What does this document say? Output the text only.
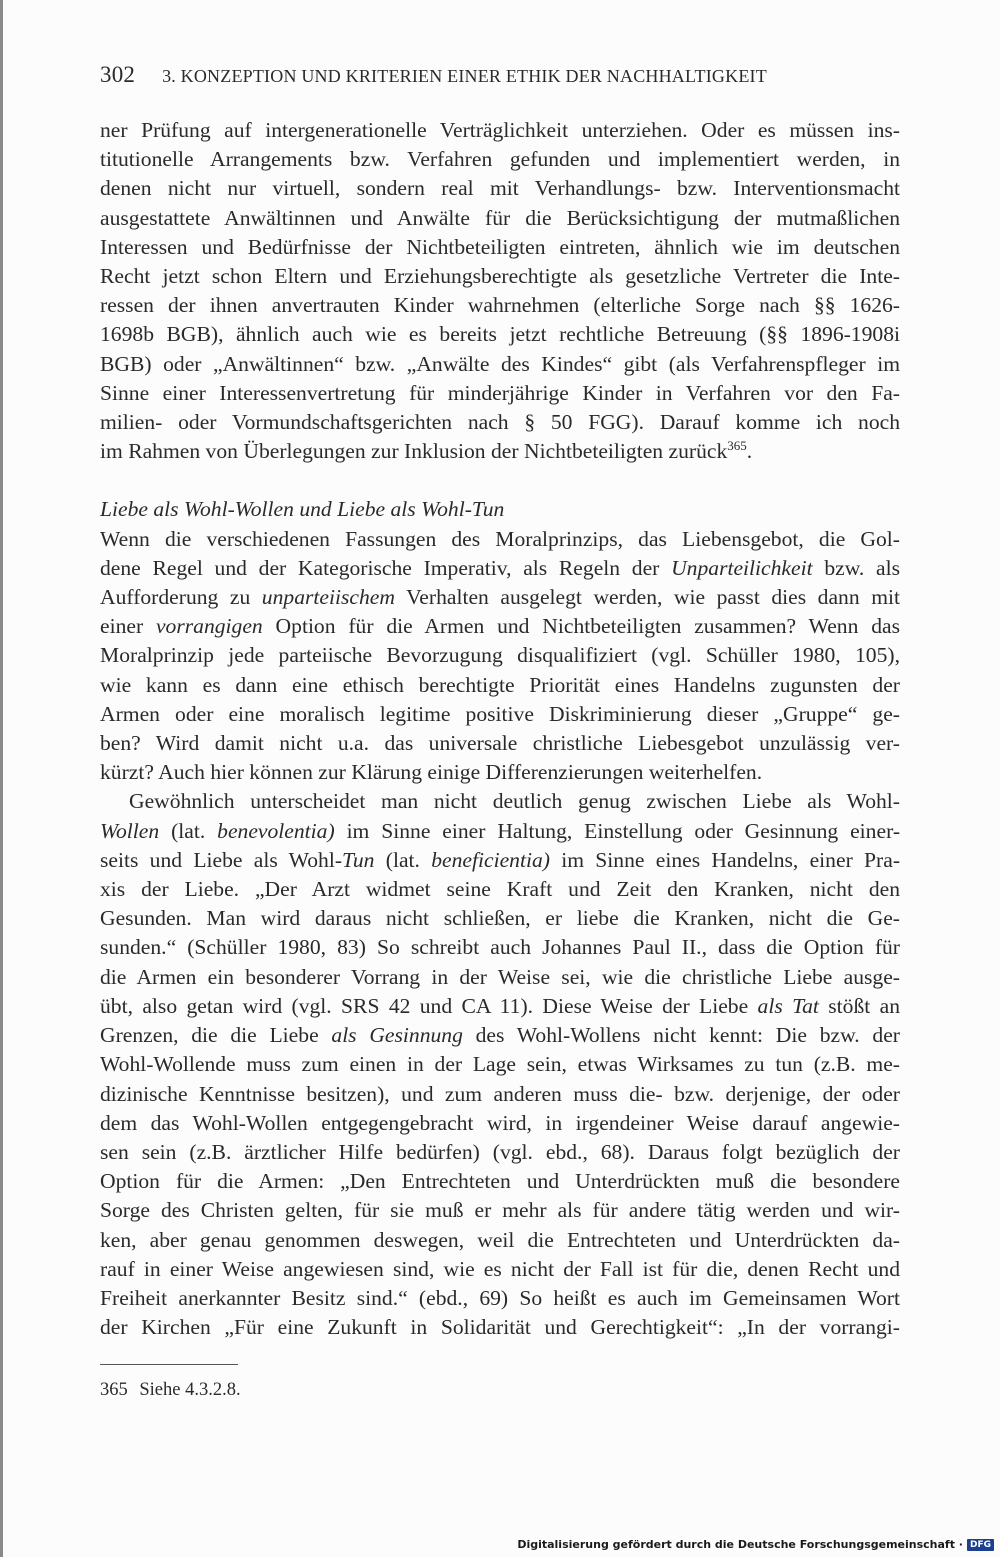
302 3. KONZEPTION UND KRITERIEN EINER ETHIK DER NACHHALTIGKEIT

ner Prüfung auf intergenerationelle Verträglichkeit unterziehen. Oder es müssen ins-
titutionelle Arrangements bzw. Verfahren gefunden und implementiert werden, in
denen nicht nur virtuell, sondern real mit Verhandlungs- bzw. Interventionsmacht
ausgestattete Anwältinnen und Anwälte für die Berücksichtigung der mutmaßlichen
Interessen und Bedürfnisse der Nichtbeteiligten eintreten, ähnlich wie im deutschen
Recht jetzt schon Eltern und Erziehungsberechtigte als gesetzliche Vertreter die Inte-
ressen der ihnen anvertrauten Kinder wahrnehmen (elterliche Sorge nach §§ 1626-
1698b BGB), ähnlich auch wie es bereits jetzt rechtliche Betreuung (§§ 1896-1908i
BGB) oder „Anwältinnen“ bzw. „Anwälte des Kindes“ gibt (als Verfahrenspfleger im
Sinne einer Interessenvertretung für minderjährige Kinder in Verfahren vor den Fa-
milien- oder Vormundschaftsgerichten nach § 50 FGG). Darauf komme ich noch
im Rahmen von Überlegungen zur Inklusion der Nichtbeteiligten zurück$^{365}$.

Liebe als Wohl-Wollen und Liebe als Wohl-Tun

Wenn die verschiedenen Fassungen des Moralprinzips, das Liebensgebot, die Gol-
dene Regel und der Kategorische Imperativ, als Regeln der Unparteilichkeit bzw. als
Aufforderung zu unparteiischem Verhalten ausgelegt werden, wie passt dies dann mit
einer vorrangigen Option für die Armen und Nichtbeteiligten zusammen? Wenn das
Moralprinzip jede parteiische Bevorzugung disqualifiziert (vgl. Schüller 1980, 105),
wie kann es dann eine ethisch berechtigte Priorität eines Handelns zugunsten der
Armen oder eine moralisch legitime positive Diskriminierung dieser „Gruppe“ ge-
ben? Wird damit nicht u.a. das universale christliche Liebesgebot unzulässig ver-
kürzt? Auch hier können zur Klärung einige Differenzierungen weiterhelfen.

Gewöhnlich unterscheidet man nicht deutlich genug zwischen Liebe als Wohl-
Wollen (lat. benevolentia) im Sinne einer Haltung, Einstellung oder Gesinnung einer-
seits und Liebe als Wohl-Tun (lat. beneficientia) im Sinne eines Handelns, einer Pra-
xis der Liebe. „Der Arzt widmet seine Kraft und Zeit den Kranken, nicht den
Gesunden. Man wird daraus nicht schließen, er liebe die Kranken, nicht die Ge-
sunden.“ (Schüller 1980, 83) So schreibt auch Johannes Paul II., dass die Option für
die Armen ein besonderer Vorrang in der Weise sei, wie die christliche Liebe ausge-
übt, also getan wird (vgl. SRS 42 und CA 11). Diese Weise der Liebe als Tat stößt an
Grenzen, die die Liebe als Gesinnung des Wohl-Wollens nicht kennt: Die bzw. der
Wohl-Wollende muss zum einen in der Lage sein, etwas Wirksames zu tun (z.B. me-
dizinische Kenntnisse besitzen), und zum anderen muss die- bzw. derjenige, der oder
dem das Wohl-Wollen entgegengebracht wird, in irgendeiner Weise darauf angewie-
sen sein (z.B. ärztlicher Hilfe bedürfen) (vgl. ebd., 68). Daraus folgt bezüglich der
Option für die Armen: „Den Entrechteten und Unterdrückten muß die besondere
Sorge des Christen gelten, für sie muß er mehr als für andere tätig werden und wir-
ken, aber genau genommen deswegen, weil die Entrechteten und Unterdrückten da-
rauf in einer Weise angewiesen sind, wie es nicht der Fall ist für die, denen Recht und
Freiheit anerkannter Besitz sind.“ (ebd., 69) So heißt es auch im Gemeinsamen Wort
der Kirchen „Für eine Zukunft in Solidarität und Gerechtigkeit“: „In der vorrangi-

365 Siehe 4.3.2.8.
Digitalisierung gefördert durch die Deutsche Forschungsgemeinschaft · DFG
